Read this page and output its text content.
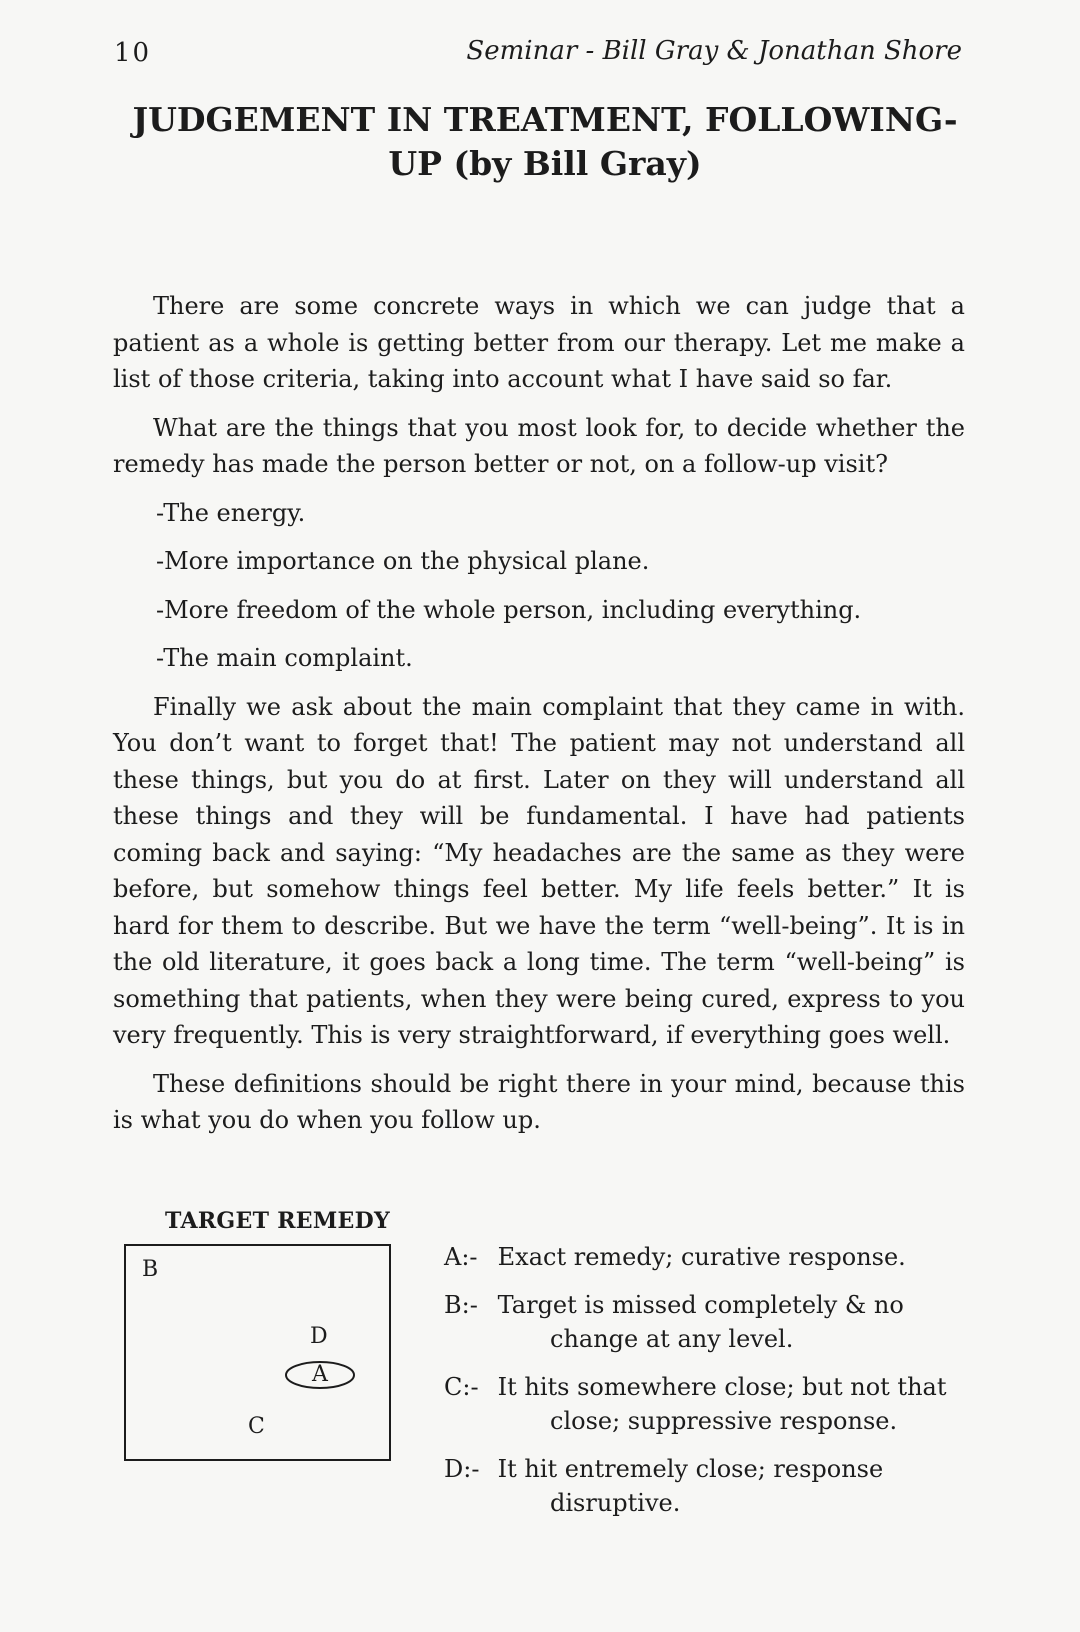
10	Seminar - Bill Gray & Jonathan Shore
JUDGEMENT IN TREATMENT, FOLLOWING-UP (by Bill Gray)

There are some concrete ways in which we can judge that a patient as a whole is getting better from our therapy. Let me make a list of those criteria, taking into account what I have said so far.

What are the things that you most look for, to decide whether the remedy has made the person better or not, on a follow-up visit?

-The energy.

-More importance on the physical plane.

-More freedom of the whole person, including everything.

-The main complaint.

Finally we ask about the main complaint that they came in with. You don’t want to forget that! The patient may not understand all these things, but you do at first. Later on they will understand all these things and they will be fundamental. I have had patients coming back and saying: “My headaches are the same as they were before, but somehow things feel better. My life feels better.” It is hard for them to describe. But we have the term “well-being”. It is in the old literature, it goes back a long time. The term “well-being” is something that patients, when they were being cured, express to you very frequently. This is very straightforward, if everything goes well.

These definitions should be right there in your mind, because this is what you do when you follow up.

TARGET REMEDY
B
D
A
C
A:- Exact remedy; curative response.
B:- Target is missed completely & no change at any level.
C:- It hits somewhere close; but not that close; suppressive response.
D:- It hit entremely close; response disruptive.
